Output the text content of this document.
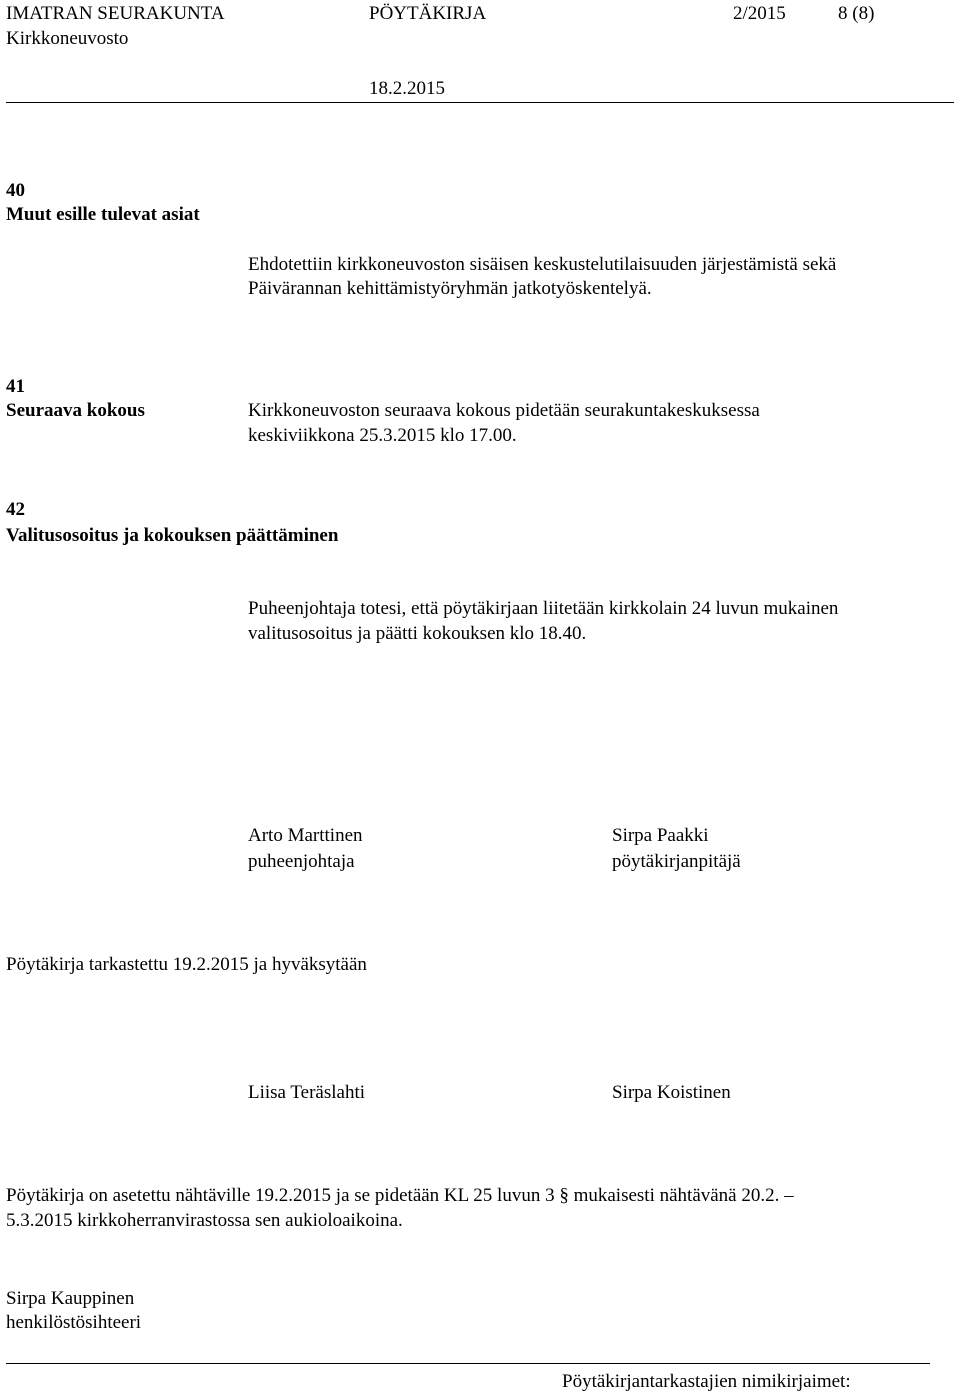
IMATRAN SEURAKUNTA	PÖYTÄKIRJA	2/2015	8 (8)
Kirkkoneuvosto
18.2.2015
40
Muut esille tulevat asiat
Ehdotettiin kirkkoneuvoston sisäisen keskustelutilaisuuden järjestämistä sekä
Päivärannan kehittämistyöryhmän jatkotyöskentelyä.
41
Seuraava kokous	Kirkkoneuvoston seuraava kokous pidetään seurakuntakeskuksessa
keskiviikkona 25.3.2015 klo 17.00.
42
Valitusosoitus ja kokouksen päättäminen
Puheenjohtaja totesi, että pöytäkirjaan liitetään kirkkolain 24 luvun mukainen
valitusosoitus ja päätti kokouksen klo 18.40.
Arto Marttinen
puheenjohtaja
Sirpa Paakki
pöytäkirjanpitäjä
Pöytäkirja tarkastettu 19.2.2015 ja hyväksytään
Liisa Teräslahti	Sirpa Koistinen
Pöytäkirja on asetettu nähtäville 19.2.2015 ja se pidetään KL 25 luvun 3 § mukaisesti nähtävänä 20.2. –
5.3.2015 kirkkoherranvirastossa sen aukioloaikoina.
Sirpa Kauppinen
henkilöstösihteeri
Pöytäkirjantarkastajien nimikirjaimet:
